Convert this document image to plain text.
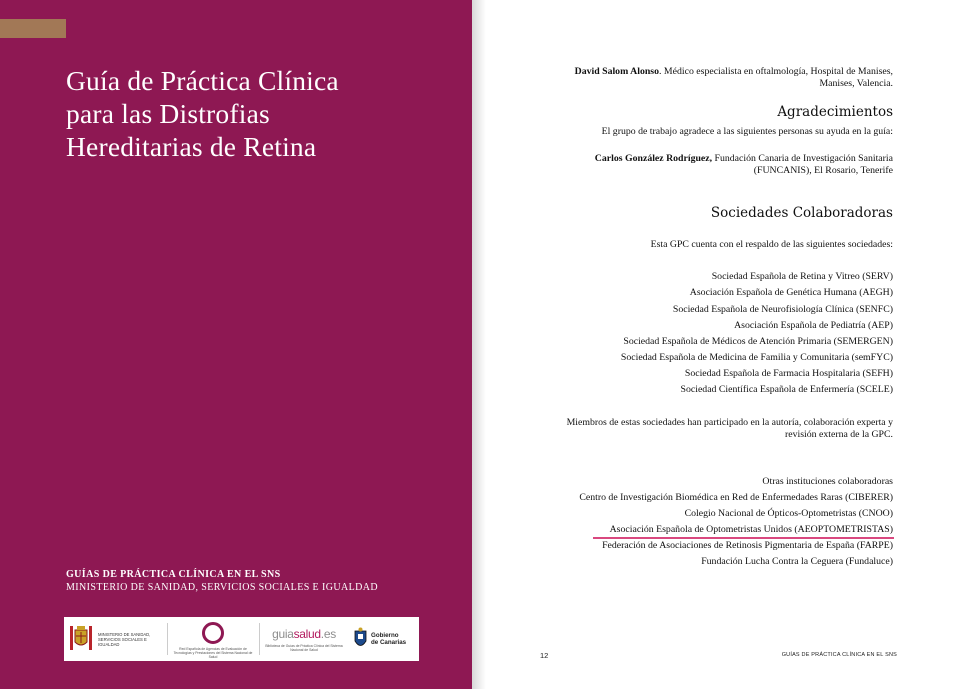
Guía de Práctica Clínica
para las Distrofias
Hereditarias de Retina
GUÍAS DE PRÁCTICA CLÍNICA EN EL SNS
MINISTERIO DE SANIDAD, SERVICIOS SOCIALES E IGUALDAD
MINISTERIO DE SANIDAD, SERVICIOS SOCIALES E IGUALDAD
Red Española de Agencias de Evaluación de Tecnologías y Prestaciones del Sistema Nacional de Salud
guiasalud.es
Biblioteca de Guías de Práctica Clínica del Sistema Nacional de Salud
Gobierno
de Canarias
David Salom Alonso. Médico especialista en oftalmología, Hospital de Manises,
Manises, Valencia.
Agradecimientos
El grupo de trabajo agradece a las siguientes personas su ayuda en la guía:
Carlos González Rodríguez, Fundación Canaria de Investigación Sanitaria
(FUNCANIS), El Rosario, Tenerife
Sociedades Colaboradoras
Esta GPC cuenta con el respaldo de las siguientes sociedades:
Sociedad Española de Retina y Vitreo (SERV)
Asociación Española de Genética Humana (AEGH)
Sociedad Española de Neurofisiología Clínica (SENFC)
Asociación Española de Pediatría (AEP)
Sociedad Española de Médicos de Atención Primaria (SEMERGEN)
Sociedad Española de Medicina de Familia y Comunitaria (semFYC)
Sociedad Española de Farmacia Hospitalaria (SEFH)
Sociedad Científica Española de Enfermería (SCELE)
Miembros de estas sociedades han participado en la autoría, colaboración experta y
revisión externa de la GPC.
Otras instituciones colaboradoras
Centro de Investigación Biomédica en Red de Enfermedades Raras (CIBERER)
Colegio Nacional de Ópticos-Optometristas (CNOO)
Asociación Española de Optometristas Unidos (AEOPTOMETRISTAS)
Federación de Asociaciones de Retinosis Pigmentaria de España (FARPE)
Fundación Lucha Contra la Ceguera (Fundaluce)
12	GUÍAS DE PRÁCTICA CLÍNICA EN EL SNS
